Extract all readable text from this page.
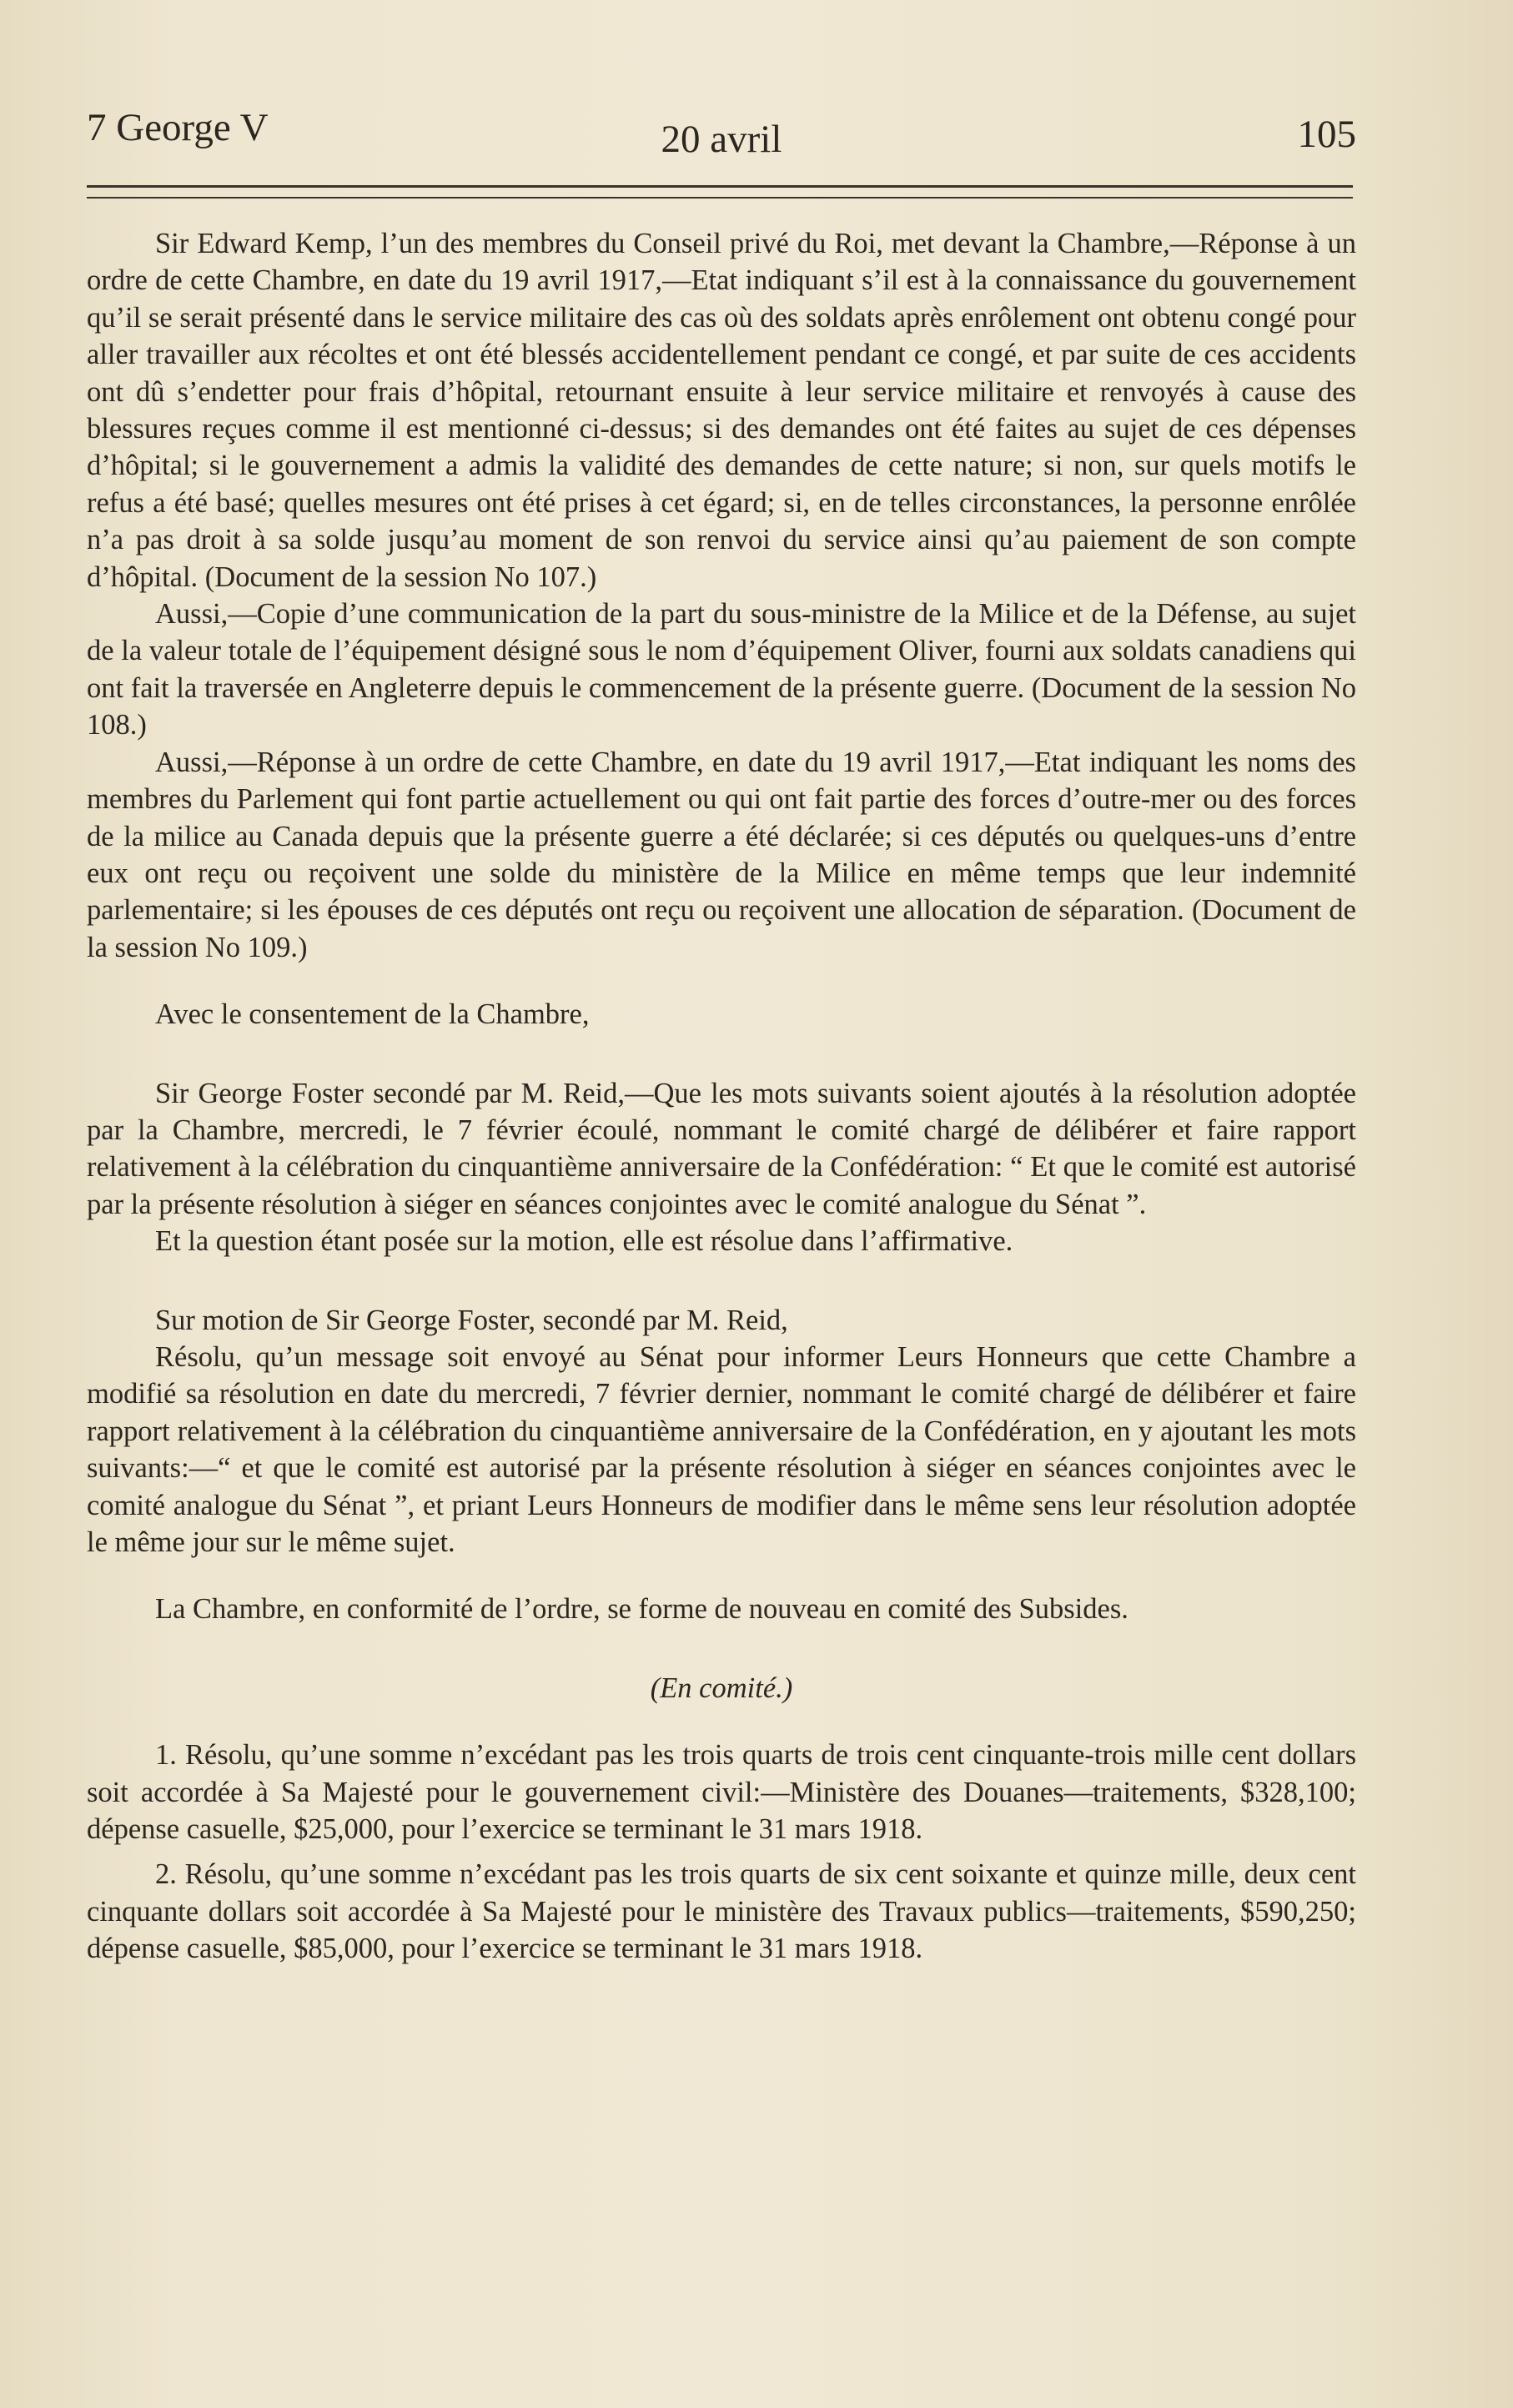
7 George V	20 avril	105

Sir Edward Kemp, l’un des membres du Conseil privé du Roi, met devant la Chambre,—Réponse à un ordre de cette Chambre, en date du 19 avril 1917,—Etat indiquant s’il est à la connaissance du gouvernement qu’il se serait présenté dans le service militaire des cas où des soldats après enrôlement ont obtenu congé pour aller travailler aux récoltes et ont été blessés accidentellement pendant ce congé, et par suite de ces accidents ont dû s’endetter pour frais d’hôpital, retournant ensuite à leur service militaire et renvoyés à cause des blessures reçues comme il est mentionné ci-dessus; si des demandes ont été faites au sujet de ces dépenses d’hôpital; si le gouvernement a admis la validité des demandes de cette nature; si non, sur quels motifs le refus a été basé; quelles mesures ont été prises à cet égard; si, en de telles circonstances, la personne enrôlée n’a pas droit à sa solde jusqu’au moment de son renvoi du service ainsi qu’au paiement de son compte d’hôpital. (Document de la session No 107.)

Aussi,—Copie d’une communication de la part du sous-ministre de la Milice et de la Défense, au sujet de la valeur totale de l’équipement désigné sous le nom d’équipement Oliver, fourni aux soldats canadiens qui ont fait la traversée en Angleterre depuis le commencement de la présente guerre. (Document de la session No 108.)

Aussi,—Réponse à un ordre de cette Chambre, en date du 19 avril 1917,—Etat indiquant les noms des membres du Parlement qui font partie actuellement ou qui ont fait partie des forces d’outre-mer ou des forces de la milice au Canada depuis que la présente guerre a été déclarée; si ces députés ou quelques-uns d’entre eux ont reçu ou reçoivent une solde du ministère de la Milice en même temps que leur indemnité parlementaire; si les épouses de ces députés ont reçu ou reçoivent une allocation de séparation. (Document de la session No 109.)

Avec le consentement de la Chambre,

Sir George Foster secondé par M. Reid,—Que les mots suivants soient ajoutés à la résolution adoptée par la Chambre, mercredi, le 7 février écoulé, nommant le comité chargé de délibérer et faire rapport relativement à la célébration du cinquantième anniversaire de la Confédération: “ Et que le comité est autorisé par la présente résolution à siéger en séances conjointes avec le comité analogue du Sénat ”.

Et la question étant posée sur la motion, elle est résolue dans l’affirmative.

Sur motion de Sir George Foster, secondé par M. Reid,

Résolu, qu’un message soit envoyé au Sénat pour informer Leurs Honneurs que cette Chambre a modifié sa résolution en date du mercredi, 7 février dernier, nommant le comité chargé de délibérer et faire rapport relativement à la célébration du cinquantième anniversaire de la Confédération, en y ajoutant les mots suivants:—“ et que le comité est autorisé par la présente résolution à siéger en séances conjointes avec le comité analogue du Sénat ”, et priant Leurs Honneurs de modifier dans le même sens leur résolution adoptée le même jour sur le même sujet.

La Chambre, en conformité de l’ordre, se forme de nouveau en comité des Subsides.

(En comité.)

1. Résolu, qu’une somme n’excédant pas les trois quarts de trois cent cinquante-trois mille cent dollars soit accordée à Sa Majesté pour le gouvernement civil:—Ministère des Douanes—traitements, $328,100; dépense casuelle, $25,000, pour l’exercice se terminant le 31 mars 1918.

2. Résolu, qu’une somme n’excédant pas les trois quarts de six cent soixante et quinze mille, deux cent cinquante dollars soit accordée à Sa Majesté pour le ministère des Travaux publics—traitements, $590,250; dépense casuelle, $85,000, pour l’exercice se terminant le 31 mars 1918.
